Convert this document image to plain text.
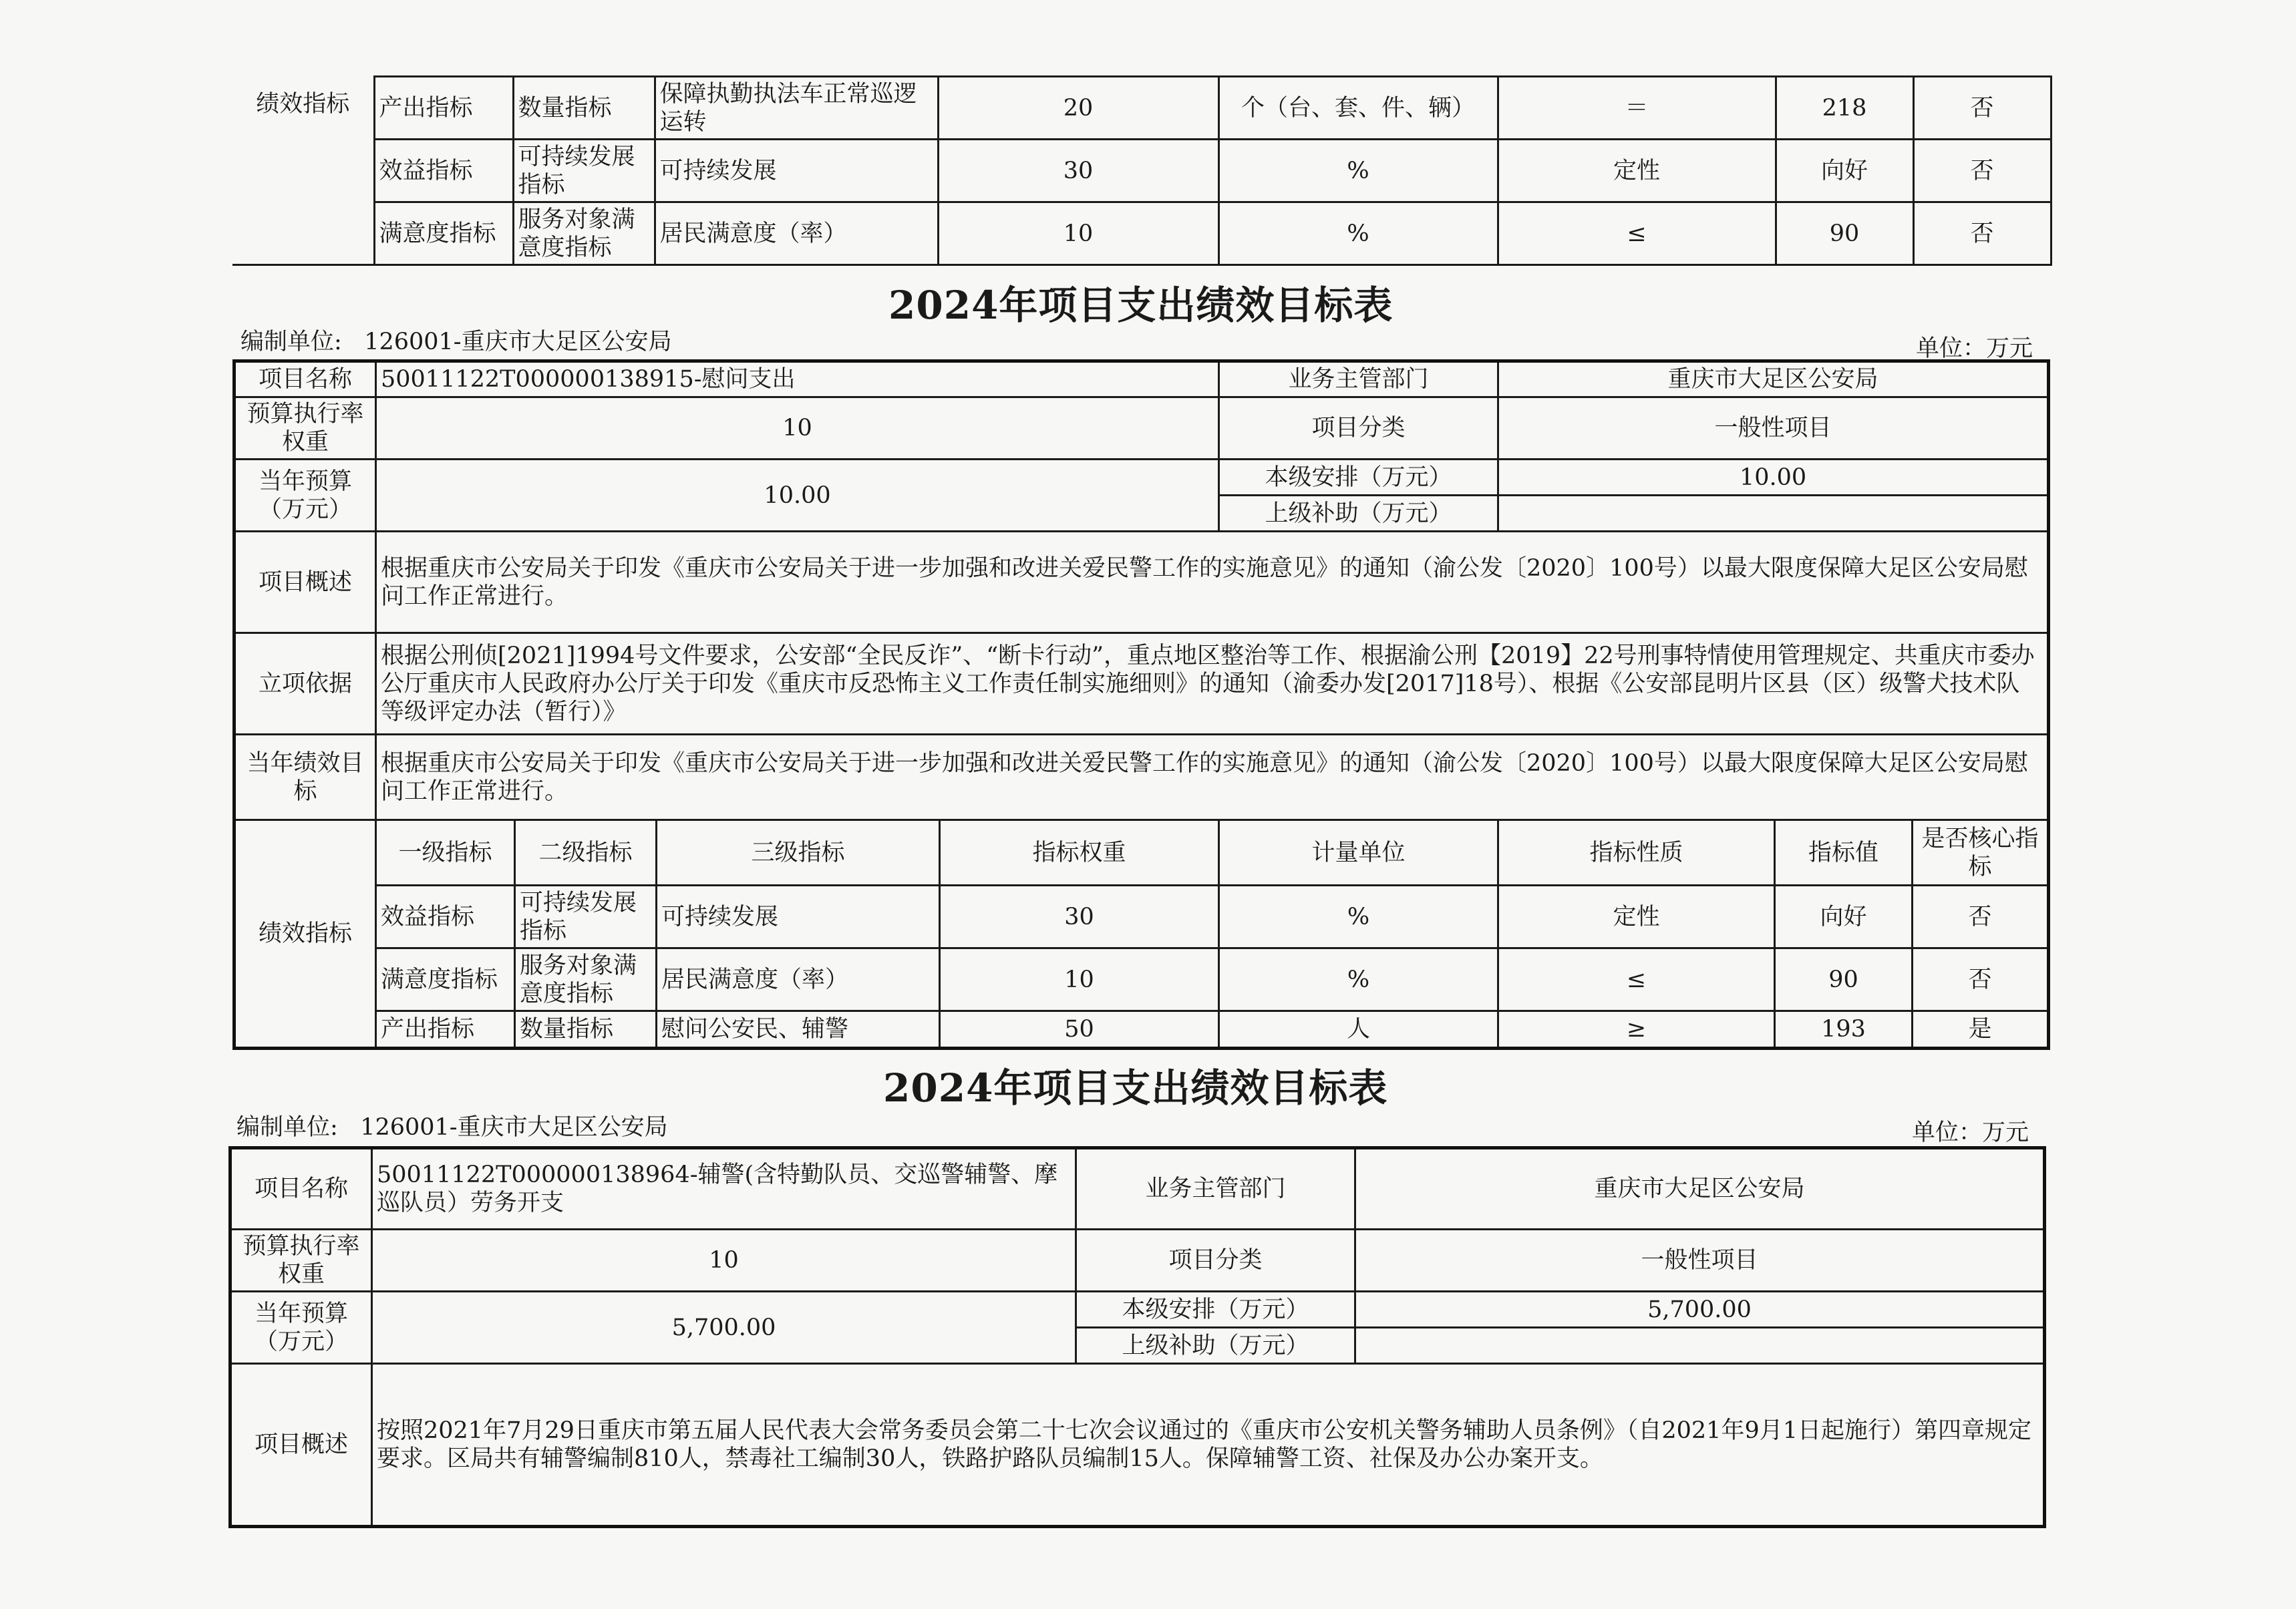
绩效指标	产出指标	数量指标	保障执勤执法车正常巡逻运转	20	个（台、套、件、辆）	＝	218	否
	效益指标	可持续发展指标	可持续发展	30	%	定性	向好	否
	满意度指标	服务对象满意度指标	居民满意度（率）	10	%	≤	90	否
2024年项目支出绩效目标表
编制单位: 126001-重庆市大足区公安局	单位：万元
项目名称	50011122T000000138915-慰问支出				业务主管部门	重庆市大足区公安局		
预算执行率权重	10				项目分类	一般性项目		
当年预算（万元）	10.00				本级安排（万元）	10.00		
					上级补助（万元）			
项目概述	根据重庆市公安局关于印发《重庆市公安局关于进一步加强和改进关爱民警工作的实施意见》的通知（渝公发〔2020〕100号）以最大限度保障大足区公安局慰问工作正常进行。							
立项依据	根据公刑侦[2021]1994号文件要求，公安部“全民反诈”、“断卡行动”，重点地区整治等工作、根据渝公刑【2019】22号刑事特情使用管理规定、共重庆市委办公厅重庆市人民政府办公厅关于印发《重庆市反恐怖主义工作责任制实施细则》的通知（渝委办发[2017]18号）、根据《公安部昆明片区县（区）级警犬技术队等级评定办法（暂行）》							
当年绩效目标	根据重庆市公安局关于印发《重庆市公安局关于进一步加强和改进关爱民警工作的实施意见》的通知（渝公发〔2020〕100号）以最大限度保障大足区公安局慰问工作正常进行。							
绩效指标	一级指标	二级指标	三级指标	指标权重	计量单位	指标性质	指标值	是否核心指标
	效益指标	可持续发展指标	可持续发展	30	%	定性	向好	否
	满意度指标	服务对象满意度指标	居民满意度（率）	10	%	≤	90	否
	产出指标	数量指标	慰问公安民、辅警	50	人	≥	193	是
2024年项目支出绩效目标表
编制单位: 126001-重庆市大足区公安局	单位：万元
项目名称	50011122T000000138964-辅警(含特勤队员、交巡警辅警、摩巡队员）劳务开支	业务主管部门	重庆市大足区公安局
预算执行率权重	10	项目分类	一般性项目
当年预算（万元）	5,700.00	本级安排（万元）	5,700.00
		上级补助（万元）	
项目概述	按照2021年7月29日重庆市第五届人民代表大会常务委员会第二十七次会议通过的《重庆市公安机关警务辅助人员条例》（自2021年9月1日起施行）第四章规定要求。区局共有辅警编制810人，禁毒社工编制30人，铁路护路队员编制15人。保障辅警工资、社保及办公办案开支。		
